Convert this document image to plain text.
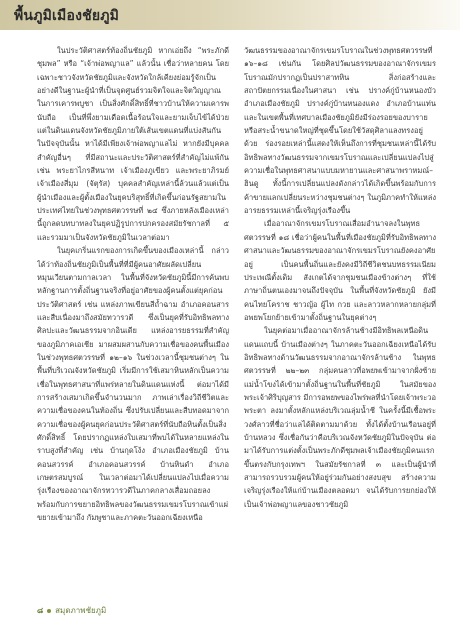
พื้นภูมิเมืองชัยภูมิ

ในประวัติศาสตร์ท้องถิ่นชัยภูมิ หากเอ่ยถึง “พระภักดีชุมพล” หรือ “เจ้าพ่อพญาแล” แล้วนั้น เชื่อว่าหลายคน โดยเฉพาะชาวจังหวัดชัยภูมิและจังหวัดใกล้เคียงย่อมรู้จักเป็นอย่างดีในฐานะผู้นำที่เป็นจุดศูนย์รวมจิตใจและจิตวิญญาณในการเคารพบูชา เป็นสิ่งศักดิ์สิทธิ์ที่ชาวบ้านให้ความเคารพนับถือ เป็นที่พึ่งยามเดือดเนื้อร้อนใจและยามเจ็บไข้ได้ป่วย แต่ในดินแดนจังหวัดชัยภูมิภายใต้เส้นเขตแดนที่แบ่งสันกันในปัจจุบันนั้น หาได้มีเพียงเจ้าพ่อพญาแลไม่ หากยังมีบุคคลสำคัญอื่นๆ ที่มีสถานะและประวัติศาสตร์ที่สำคัญไม่แพ้กัน เช่น พระยาไกรสีหนาท เจ้าเมืองภูเขียว และพระยาภิรมย์ เจ้าเมืองสี่มุม (จัตุรัส) บุคคลสำคัญเหล่านี้ล้วนแล้วแต่เป็นผู้นำเมืองและผู้ตั้งเมืองในยุคบริสุทธิ์ที่เกิดขึ้นก่อนรัฐสยามในประเทศไทยในช่วงพุทธศตวรรษที่ ๒๔ ซึ่งภายหลังเมืองเหล่านี้ถูกลดบทบาทลงในยุคปฏิรูปการปกครองสมัยรัชกาลที่ ๕ และรวมมาเป็นจังหวัดชัยภูมิในเวลาต่อมา

ในยุคเกริ่นแรกของการเกิดขึ้นของเมืองเหล่านี้ กล่าวได้ว่าท้องถิ่นชัยภูมิเป็นพื้นที่ที่มีผู้คนอาศัยผลัดเปลี่ยนหมุนเวียนตามกาลเวลา ในพื้นที่จังหวัดชัยภูมินี้มีการค้นพบหลักฐานการตั้งถิ่นฐานจริงที่อยู่อาศัยของผู้คนตั้งแต่ยุคก่อนประวัติศาสตร์ เช่น แหล่งภาพเขียนสีถ้ำฉาม อำเภอคอนสาร และสืบเนื่องมาถึงสมัยทวารวดี ซึ่งเป็นยุคที่รับอิทธิพลทางศิลปะและวัฒนธรรมจากอินเดีย แหล่งอารยธรรมที่สำคัญของภูมิภาคเอเชีย มาผสมผสานกับความเชื่อของคนพื้นเมืองในช่วงพุทธศตวรรษที่ ๑๒–๑๖ ในช่วงเวลานี้ชุมชนต่างๆ ในพื้นที่บริเวณจังหวัดชัยภูมิ เริ่มมีการใช้เสมาหินหลักเป็นความเชื่อในพุทธศาสนาที่แพร่หลายในดินแดนแห่งนี้ ต่อมาได้มีการสร้างเสมาเกิดขึ้นจำนวนมาก ภาพเล่าเรื่องวิถีชีวิตและความเชื่อของคนในท้องถิ่น ซึ่งปรับเปลี่ยนและสืบทอดมาจากความเชื่อของผู้คนยุคก่อนประวัติศาสตร์ที่นับถือหินตั้งเป็นสิ่งศักดิ์สิทธิ์ โดยปรากฏแหล่งใบเสมาที่พบได้ในหลายแหล่งในราบสูงที่สำคัญ เช่น บ้านกุดโง้ง อำเภอเมืองชัยภูมิ บ้านคอนสวรรค์ อำเภอคอนสวรรค์ บ้านหินดำ อำเภอเกษตรสมบูรณ์ ในเวลาต่อมาได้เปลี่ยนแปลงไปเมื่อความรุ่งเรืองของอาณาจักรทวารวดีในภาคกลางเสื่อมถอยลง พร้อมกับการขยายอิทธิพลของวัฒนธรรมเขมรโบราณเข้าแผ่ขยายเข้ามาถึง กัมพูชาและภาคตะวันออกเฉียงเหนือ

วัฒนธรรมของอาณาจักรเขมรโบราณในช่วงพุทธศตวรรษที่ ๑๖–๑๘ เช่นกัน โดยศิลปวัฒนธรรมของอาณาจักรเขมรโบราณมักปรากฏเป็นปราสาทหิน สิ่งก่อสร้างและสถาปัตยกรรมเนื่องในศาสนา เช่น ปรางค์กู่บ้านหนองบัว อำเภอเมืองชัยภูมิ ปรางค์กู่บ้านหนองแดง อำเภอบ้านแท่น และในเขตพื้นที่เทศบาลเมืองชัยภูมิยังมีร่องรอยของบารายหรือสระน้ำขนาดใหญ่ที่ชุดขึ้นโดยใช้วัสดุศิลาแลงทรงอยู่ด้วย ร่องรอยเหล่านี้แสดงให้เห็นถึงการที่ชุมชนเหล่านี้ได้รับอิทธิพลทางวัฒนธรรมจากเขมรโบราณและเปลี่ยนแปลงไปสู่ความเชื่อในพุทธศาสนาแบบมหายานและศาสนาพราหมณ์–ฮินดู ทั้งนี้การเปลี่ยนแปลงดังกล่าวได้เกิดขึ้นพร้อมกับการค้าขายแลกเปลี่ยนระหว่างชุมชนต่างๆ ในภูมิภาคทำให้แหล่งอารยธรรมเหล่านี้เจริญรุ่งเรืองขึ้น

เมื่ออาณาจักรเขมรโบราณเสื่อมอำนาจลงในพุทธศตวรรษที่ ๑๘ เชื่อว่าผู้คนในพื้นที่เมืองชัยภูมิที่รับอิทธิพลทางศาสนาและวัฒนธรรมของอาณาจักรเขมรโบราณยังคงอาศัยอยู่ เป็นคนพื้นถิ่นและยังคงมีวิถีชีวิตชนบทธรรมเนียมประเพณีตั้งเดิม สังเกตได้จากชุมชนเมืองข้างต่างๆ ที่ใช้ภาษาถิ่นตนเองมาจนถึงปัจจุบัน ในพื้นที่จังหวัดชัยภูมิ ยังมีคนไทยโคราช ชาวญ้อ ผู้ไท กวย และลาวหลากหลายกลุ่มที่อพยพโยกย้ายเข้ามาตั้งถิ่นฐานในยุคต่างๆ

ในยุคต่อมาเมื่ออาณาจักรล้านช้างมีอิทธิพลเหนือดินแดนแถบนี้ บ้านเมืองต่างๆ ในภาคตะวันออกเฉียงเหนือได้รับอิทธิพลทางด้านวัฒนธรรมจากอาณาจักรล้านช้าง ในพุทธศตวรรษที่ ๒๒–๒๓ กลุ่มคนลาวที่อพยพเข้ามาจากฝั่งซ้ายแม่น้ำโขงได้เข้ามาตั้งถิ่นฐานในพื้นที่ชัยภูมิ ในสมัยของพระเจ้าศิริบุญสาร มีการอพยพของไพร่พลที่นำโดยเจ้าพระวอ พระตา ลงมาตั้งหลักแหล่งบริเวณลุ่มน้ำชี ในครั้งนี้มีเชื้อพระวงศ์ลาวที่ชื่อว่าแลได้ติดตามมาด้วย ทั้งได้ตั้งบ้านเรือนอยู่ที่บ้านหลวง ซึ่งเชื่อกันว่าคือบริเวณจังหวัดชัยภูมิในปัจจุบัน ต่อมาได้รับการแต่งตั้งเป็นพระภักดีชุมพลเจ้าเมืองชัยภูมิคนแรก ขึ้นตรงกับกรุงเทพฯ ในสมัยรัชกาลที่ ๓ และเป็นผู้นำที่สามารถรวบรวมผู้คนให้อยู่ร่วมกันอย่างสงบสุข สร้างความเจริญรุ่งเรืองให้แก่บ้านเมืองตลอดมา จนได้รับการยกย่องให้เป็นเจ้าพ่อพญาแลของชาวชัยภูมิ

๘ สมุดภาพชัยภูมิ
